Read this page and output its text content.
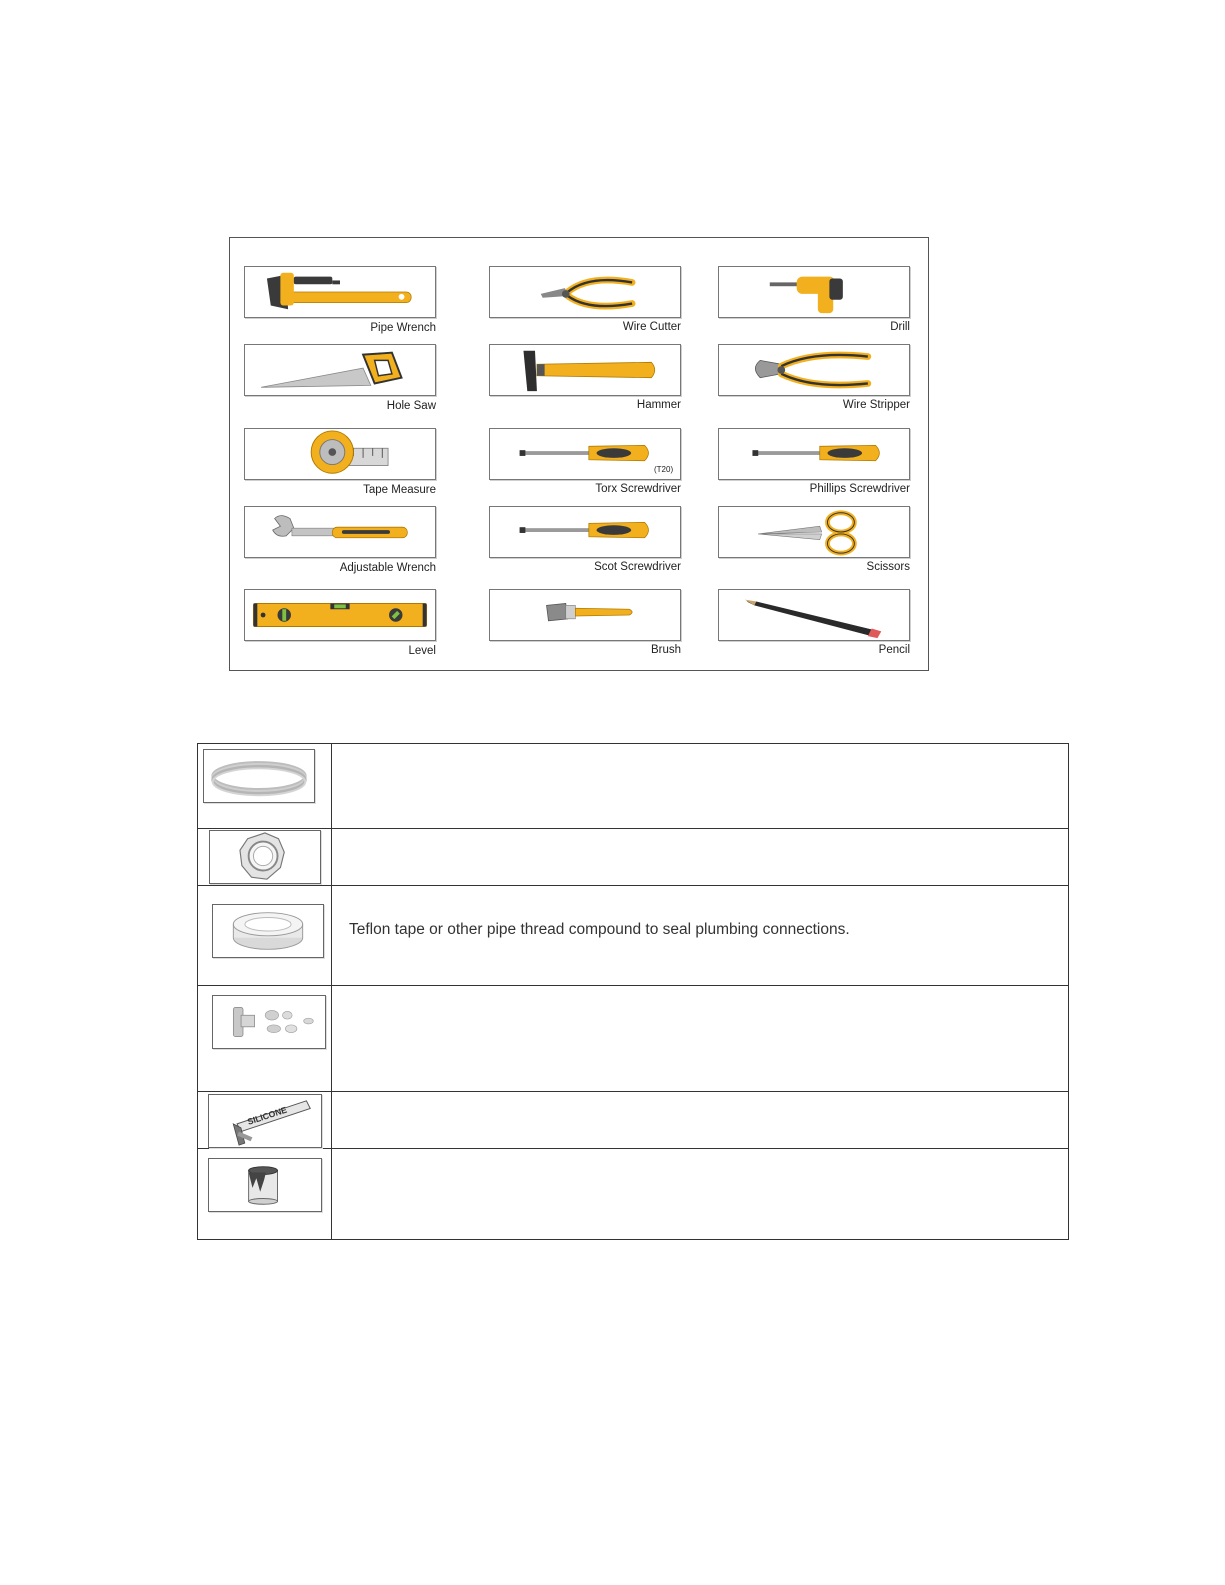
Pipe Wrench	Wire Cutter	Drill
Hole Saw	Hammer	Wire Stripper
Tape Measure
(T20)
Torx Screwdriver	Phillips Screwdriver
Adjustable Wrench	Scot Screwdriver	Scissors
Level	Brush	Pencil
Teflon tape or other pipe thread compound to seal plumbing connections.
SILICONE
